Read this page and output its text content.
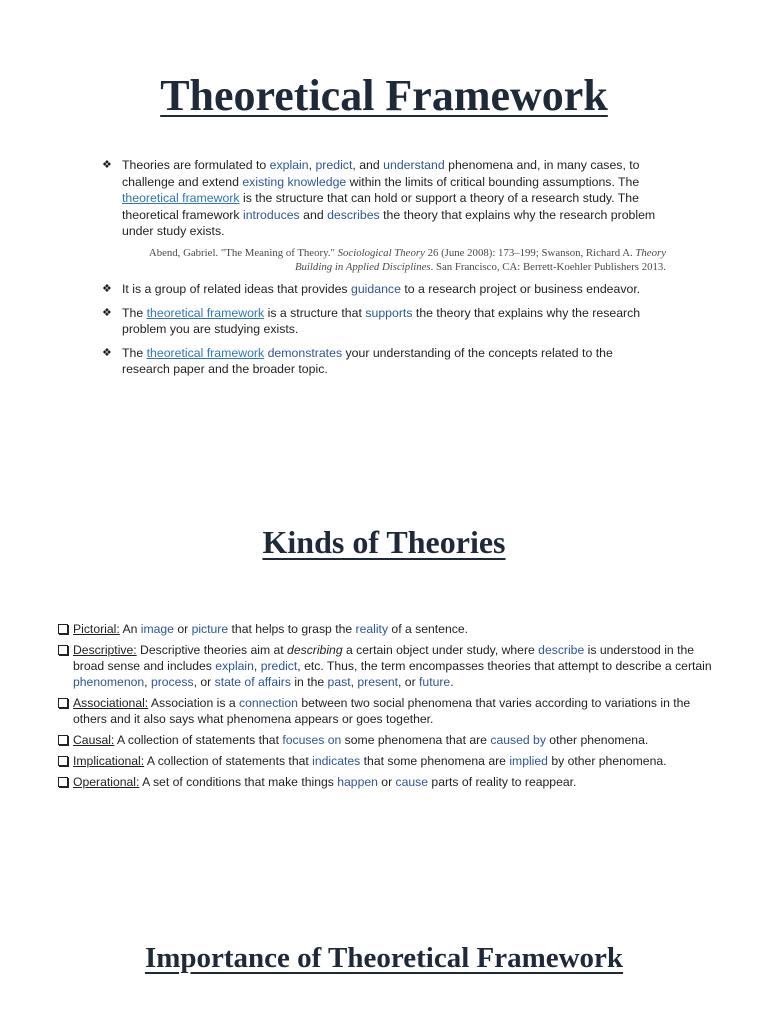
Theoretical Framework
❖ Theories are formulated to explain, predict, and understand phenomena and, in many cases, to challenge and extend existing knowledge within the limits of critical bounding assumptions. The theoretical framework is the structure that can hold or support a theory of a research study. The theoretical framework introduces and describes the theory that explains why the research problem under study exists.
Abend, Gabriel. "The Meaning of Theory." Sociological Theory 26 (June 2008): 173–199; Swanson, Richard A. Theory Building in Applied Disciplines. San Francisco, CA: Berrett-Koehler Publishers 2013.
❖ It is a group of related ideas that provides guidance to a research project or business endeavor.
❖ The theoretical framework is a structure that supports the theory that explains why the research problem you are studying exists.
❖ The theoretical framework demonstrates your understanding of the concepts related to the research paper and the broader topic.
Kinds of Theories
Pictorial: An image or picture that helps to grasp the reality of a sentence.
Descriptive: Descriptive theories aim at describing a certain object under study, where describe is understood in the broad sense and includes explain, predict, etc. Thus, the term encompasses theories that attempt to describe a certain phenomenon, process, or state of affairs in the past, present, or future.
Associational: Association is a connection between two social phenomena that varies according to variations in the others and it also says what phenomena appears or goes together.
Causal: A collection of statements that focuses on some phenomena that are caused by other phenomena.
Implicational: A collection of statements that indicates that some phenomena are implied by other phenomena.
Operational: A set of conditions that make things happen or cause parts of reality to reappear.
Importance of Theoretical Framework
